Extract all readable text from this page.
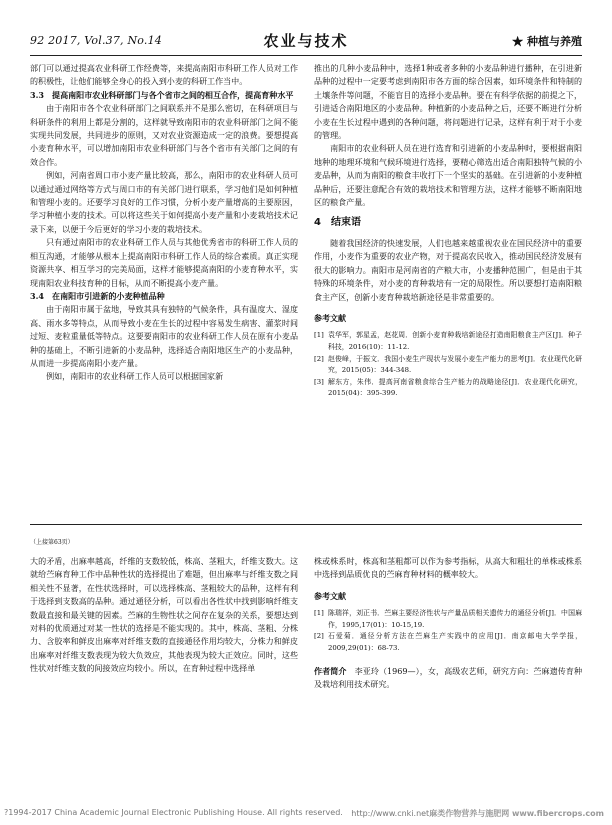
92 2017, Vol.37, No.14	农业与技术	★ 种植与养殖

部门可以通过提高农业科研工作经费等，来提高南阳市科研工作人员对工作的积极性，让他们能够全身心的投入到小麦的科研工作当中。

3.3　提高南阳市农业科研部门与各个省市之间的相互合作，提高育种水平

由于南阳市各个农业科研部门之间联系并不是那么密切，在科研项目与科研条件的利用上都是分割的，这样就导致南阳市的农业科研部门之间不能实现共同发展，共同进步的原则，又对农业资源造成一定的浪费。要想提高小麦育种水平，可以增加南阳市农业科研部门与各个省市有关部门之间的有效合作。

例如，河南省周口市小麦产量比较高，那么，南阳市的农业科研人员可以通过通过网络等方式与周口市的有关部门进行联系，学习他们是如何种植和管理小麦的。还要学习良好的工作习惯，分析小麦产量增高的主要原因，学习种植小麦的技术。可以将这些关于如何提高小麦产量和小麦栽培技术记录下来，以便于今后更好的学习小麦的栽培技术。

只有通过南阳市的农业科研工作人员与其他优秀省市的科研工作人员的相互沟通，才能够从根本上提高南阳市科研工作人员的综合素质。真正实现资源共享、相互学习的完美局面，这样才能够提高南阳的小麦育种水平，实现南阳农业科技育种的目标，从而不断提高小麦产量。

3.4　在南阳市引进新的小麦种植品种

由于南阳市属于盆地，导致其具有独特的气候条件，具有温度大、湿度高、雨水多等特点，从而导致小麦在生长的过程中容易发生病害、灌浆时间过短、麦粒重量低等特点。这要要南阳市的农业科研工作人员在原有小麦品种的基础上，不断引进新的小麦品种，选择适合南阳地区生产的小麦品种，从而进一步提高南阳小麦产量。

例如，南阳市的农业科研工作人员可以根据国家新

推出的几种小麦品种中，选择1种或者多种的小麦品种进行播种，在引进新品种的过程中一定要考虑到南阳市各方面的综合因素，如环境条件和特制的土壤条件等问题，不能盲目的选择小麦品种。要在有科学依据的前提之下，引进适合南阳地区的小麦品种。种植新的小麦品种之后，还要不断进行分析小麦在生长过程中遇到的各种问题，将问题进行记录，这样有利于对于小麦的管理。

南阳市的农业科研人员在进行选育和引进新的小麦品种时，要根据南阳地种的地理环境和气候环境进行选择，要精心筛选出适合南阳独特气候的小麦品种，从而为南阳的粮食丰收打下一个坚实的基础。在引进新的小麦种植品种后，还要注意配合有效的栽培技术和管理方法，这样才能够不断南阳地区的粮食产量。

4 结束语

随着我国经济的快速发展，人们也越来越重视农业在国民经济中的重要作用，小麦作为重要的农业产物，对于提高农民收入，推动国民经济发展有很大的影响力。南阳市是河南省的产粮大市，小麦播种范围广，但是由于其特殊的环境条件，对小麦的育种栽培有一定的局限性。所以要想打造南阳粮食主产区，创新小麦育种栽培新途径是非常重要的。

参考文献

[1] 袁华军，郭星孟，赵花周．创新小麦育种栽培新途径打造南阳粮食主产区[J]．种子科技，2016(10)：11-12.

[2] 赵俊峰，于振文．我国小麦生产现状与发展小麦生产能力的思考[J]．农业现代化研究，2015(05)：344-348.

[3] 解东方，朱伟．提高河南省粮食综合生产能力的战略途径[J]．农业现代化研究，2015(04)：395-399.

（上接第63页）

大的矛盾，出麻率越高，纤维的支数较低，株高、茎粗大，纤维支数大。这就给苎麻育种工作中品种性状的选择提出了难题，但出麻率与纤维支数之间相关性不显著，在性状选择时，可以选择株高、茎粗较大的品种，这样有利于选择到支数高的品种。通过通径分析，可以看出各性状中找到影响纤维支数最直接和最关键的因素。苎麻的生物性状之间存在复杂的关系，要想达到对料的优质通过对某一性状的选择是不能实现的。其中，株高、茎粗、分株力、含胶率和鲜皮出麻率对纤维支数的直接通径作用均较大，分株力和鲜皮出麻率对纤维支数表现为较大负效应，其他表现为较大正效应。同时，这些性状对纤维支数的间接效应均较小。所以，在育种过程中选择单

株或株系时，株高和茎粗都可以作为参考指标，从高大和粗壮的单株或株系中选择到品质优良的苎麻育种材料的概率较大。

参考文献

[1] 陈瑞祥，刘正书．苎麻主要经济性状与产量品质相关遗传力的通径分析[J]．中国麻作，1995,17(01)：10-15,19.

[2] 石爱菊．通径分析方法在苎麻生产实践中的应用[J]．南京邮电大学学报，2009,29(01)：68-73.

作者简介　 李亚玲（1969—），女，高级农艺师，研究方向：苎麻遗传育种及栽培利用技术研究。

?1994-2017 China Academic Journal Electronic Publishing House. All rights reserved. http://www.cnki.net麻类作物营养与施肥网 www.fibercrops.com
